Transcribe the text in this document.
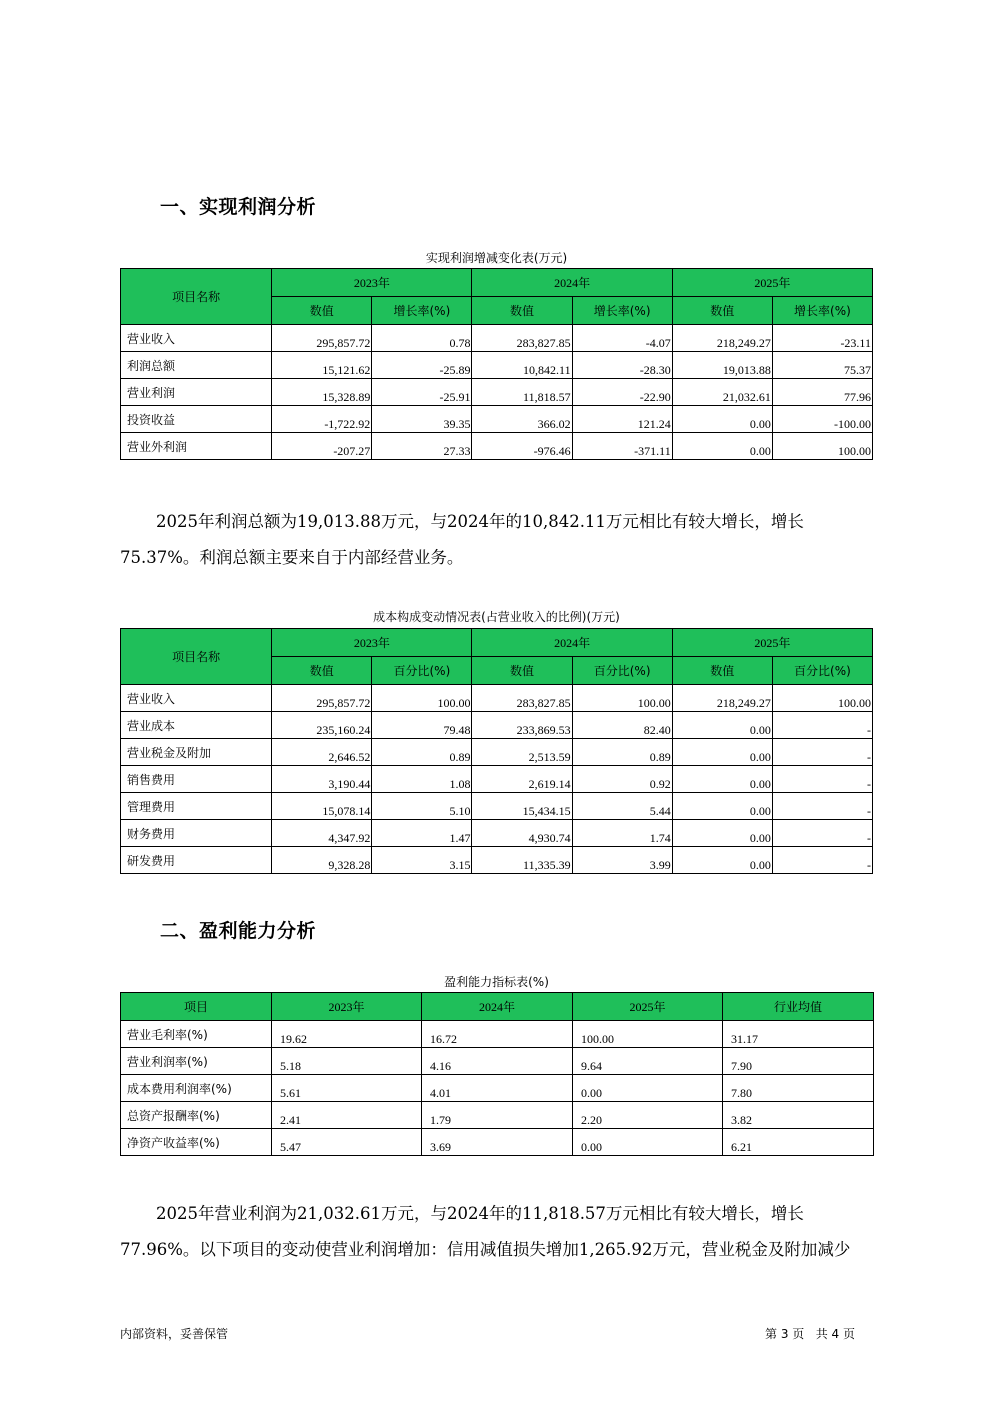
一、实现利润分析
实现利润增减变化表(万元)
项目名称	2023年		2024年		2025年	
	数值	增长率(%)	数值	增长率(%)	数值	增长率(%)
营业收入	295,857.72	0.78	283,827.85	-4.07	218,249.27	-23.11
利润总额	15,121.62	-25.89	10,842.11	-28.30	19,013.88	75.37
营业利润	15,328.89	-25.91	11,818.57	-22.90	21,032.61	77.96
投资收益	-1,722.92	39.35	366.02	121.24	0.00	-100.00
营业外利润	-207.27	27.33	-976.46	-371.11	0.00	100.00
2025年利润总额为19,013.88万元，与2024年的10,842.11万元相比有较大增长，增长75.37%。利润总额主要来自于内部经营业务。
成本构成变动情况表(占营业收入的比例)(万元)
项目名称	2023年		2024年		2025年	
	数值	百分比(%)	数值	百分比(%)	数值	百分比(%)
营业收入	295,857.72	100.00	283,827.85	100.00	218,249.27	100.00
营业成本	235,160.24	79.48	233,869.53	82.40	0.00	-
营业税金及附加	2,646.52	0.89	2,513.59	0.89	0.00	-
销售费用	3,190.44	1.08	2,619.14	0.92	0.00	-
管理费用	15,078.14	5.10	15,434.15	5.44	0.00	-
财务费用	4,347.92	1.47	4,930.74	1.74	0.00	-
研发费用	9,328.28	3.15	11,335.39	3.99	0.00	-
二、盈利能力分析
盈利能力指标表(%)
项目	2023年	2024年	2025年	行业均值
营业毛利率(%)	19.62	16.72	100.00	31.17
营业利润率(%)	5.18	4.16	9.64	7.90
成本费用利润率(%)	5.61	4.01	0.00	7.80
总资产报酬率(%)	2.41	1.79	2.20	3.82
净资产收益率(%)	5.47	3.69	0.00	6.21
2025年营业利润为21,032.61万元，与2024年的11,818.57万元相比有较大增长，增长77.96%。以下项目的变动使营业利润增加：信用减值损失增加1,265.92万元，营业税金及附加减少
内部资料，妥善保管	第 3 页   共 4 页
